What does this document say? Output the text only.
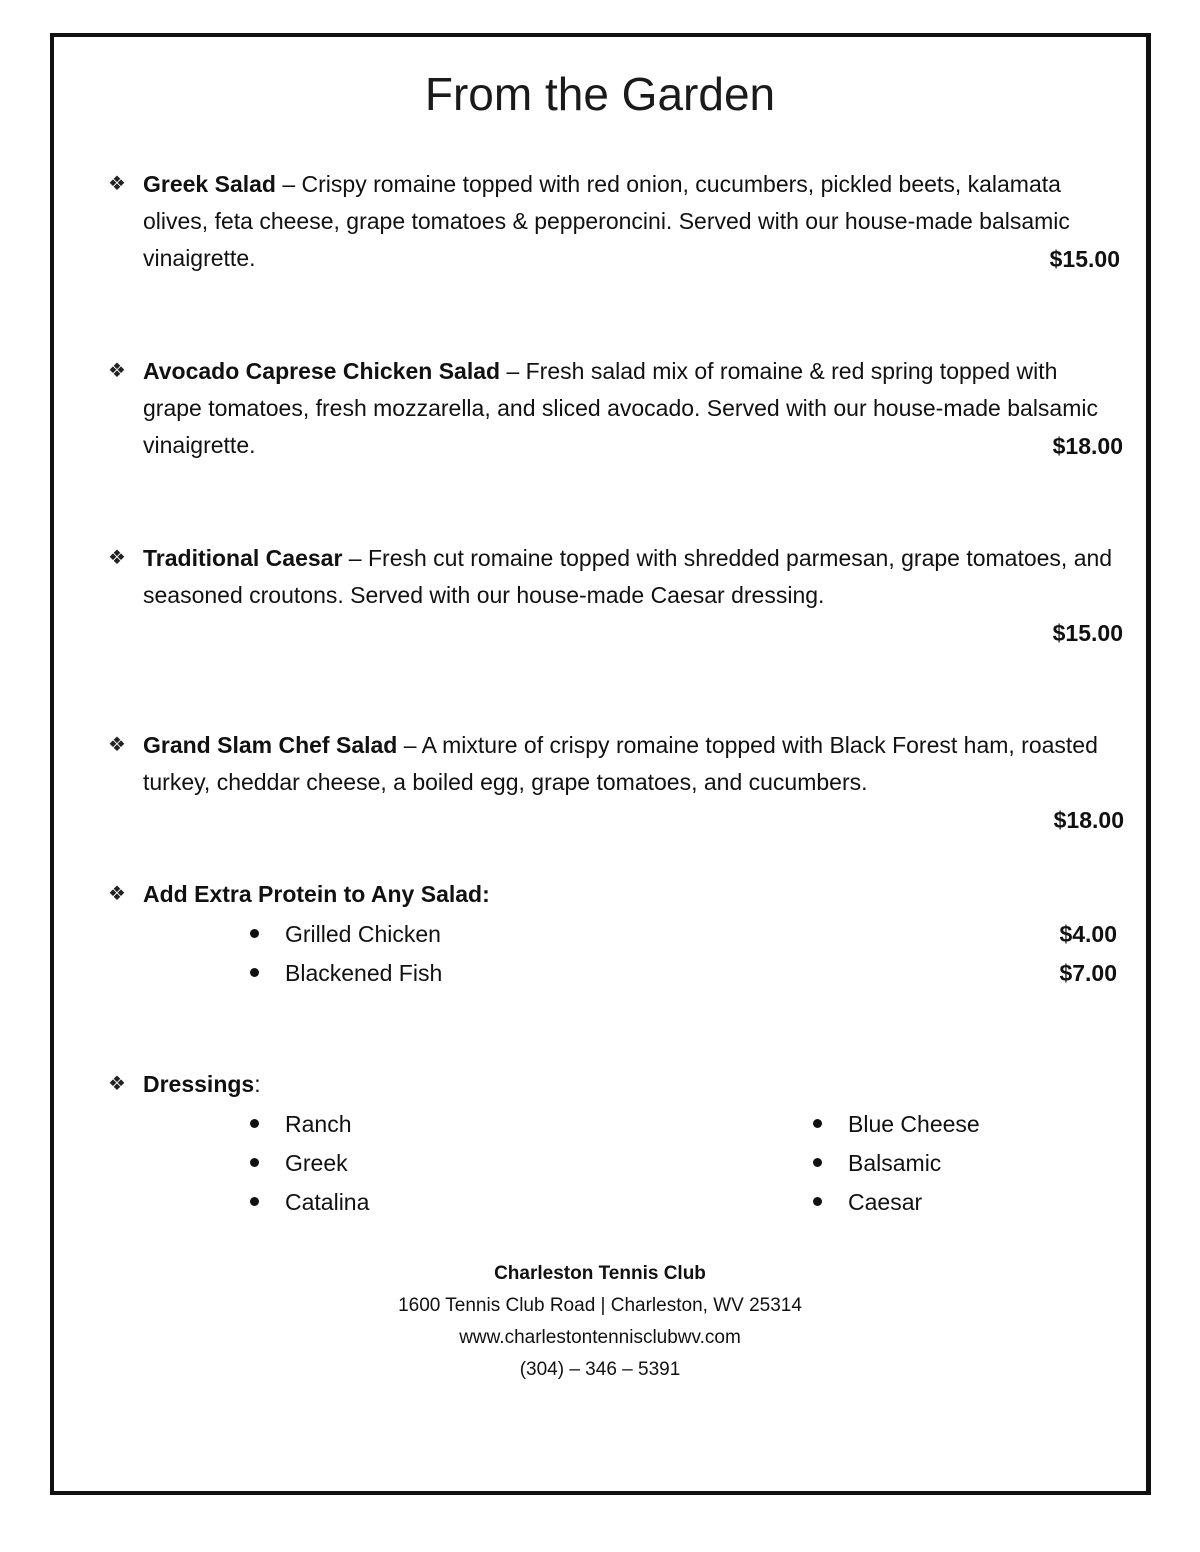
From the Garden
❖ Greek Salad – Crispy romaine topped with red onion, cucumbers, pickled beets, kalamata olives, feta cheese, grape tomatoes & pepperoncini. Served with our house-made balsamic vinaigrette.	$15.00
❖ Avocado Caprese Chicken Salad – Fresh salad mix of romaine & red spring topped with grape tomatoes, fresh mozzarella, and sliced avocado. Served with our house-made balsamic vinaigrette.	$18.00
❖ Traditional Caesar – Fresh cut romaine topped with shredded parmesan, grape tomatoes, and seasoned croutons. Served with our house-made Caesar dressing.
$15.00
❖ Grand Slam Chef Salad – A mixture of crispy romaine topped with Black Forest ham, roasted turkey, cheddar cheese, a boiled egg, grape tomatoes, and cucumbers.
$18.00
❖ Add Extra Protein to Any Salad:
Grilled Chicken	$4.00
Blackened Fish	$7.00
❖ Dressings:
Ranch
Greek
Catalina
Blue Cheese
Balsamic
Caesar
Charleston Tennis Club
1600 Tennis Club Road | Charleston, WV 25314
www.charlestontennisclubwv.com
(304) – 346 – 5391
